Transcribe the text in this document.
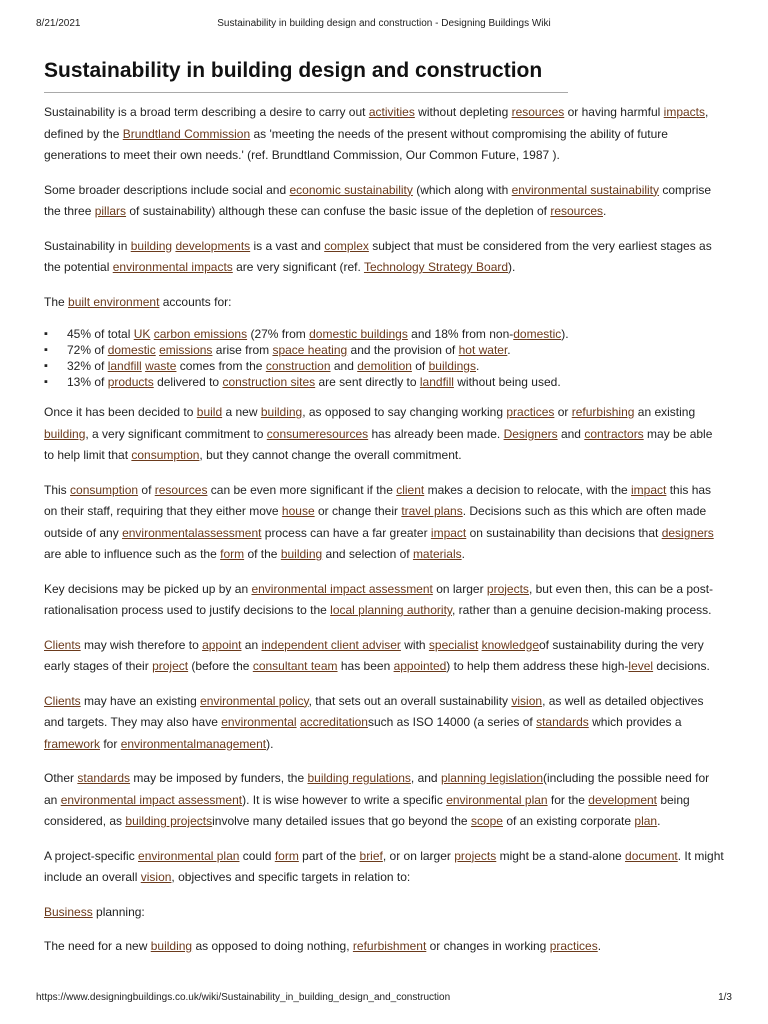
8/21/2021	Sustainability in building design and construction - Designing Buildings Wiki
Sustainability in building design and construction

Sustainability is a broad term describing a desire to carry out activities without depleting resources or having harmful impacts, defined by the Brundtland Commission as 'meeting the needs of the present without compromising the ability of future generations to meet their own needs.' (ref. Brundtland Commission, Our Common Future, 1987 ).

Some broader descriptions include social and economic sustainability (which along with environmental sustainability comprise the three pillars of sustainability) although these can confuse the basic issue of the depletion of resources.

Sustainability in building developments is a vast and complex subject that must be considered from the very earliest stages as the potential environmental impacts are very significant (ref. Technology Strategy Board).

The built environment accounts for:

▪ 45% of total UK carbon emissions (27% from domestic buildings and 18% from non-domestic).
▪ 72% of domestic emissions arise from space heating and the provision of hot water.
▪ 32% of landfill waste comes from the construction and demolition of buildings.
▪ 13% of products delivered to construction sites are sent directly to landfill without being used.

Once it has been decided to build a new building, as opposed to say changing working practices or refurbishing an existing building, a very significant commitment to consumeresources has already been made. Designers and contractors may be able to help limit that consumption, but they cannot change the overall commitment.

This consumption of resources can be even more significant if the client makes a decision to relocate, with the impact this has on their staff, requiring that they either move house or change their travel plans. Decisions such as this which are often made outside of any environmentalassessment process can have a far greater impact on sustainability than decisions that designers are able to influence such as the form of the building and selection of materials.

Key decisions may be picked up by an environmental impact assessment on larger projects, but even then, this can be a post-rationalisation process used to justify decisions to the local planning authority, rather than a genuine decision-making process.

Clients may wish therefore to appoint an independent client adviser with specialist knowledgeof sustainability during the very early stages of their project (before the consultant team has been appointed) to help them address these high-level decisions.

Clients may have an existing environmental policy, that sets out an overall sustainability vision, as well as detailed objectives and targets. They may also have environmental accreditationsuch as ISO 14000 (a series of standards which provides a framework for environmentalmanagement).

Other standards may be imposed by funders, the building regulations, and planning legislation(including the possible need for an environmental impact assessment). It is wise however to write a specific environmental plan for the development being considered, as building projectsinvolve many detailed issues that go beyond the scope of an existing corporate plan.

A project-specific environmental plan could form part of the brief, or on larger projects might be a stand-alone document. It might include an overall vision, objectives and specific targets in relation to:

Business planning:

The need for a new building as opposed to doing nothing, refurbishment or changes in working practices.

https://www.designingbuildings.co.uk/wiki/Sustainability_in_building_design_and_construction	1/3
